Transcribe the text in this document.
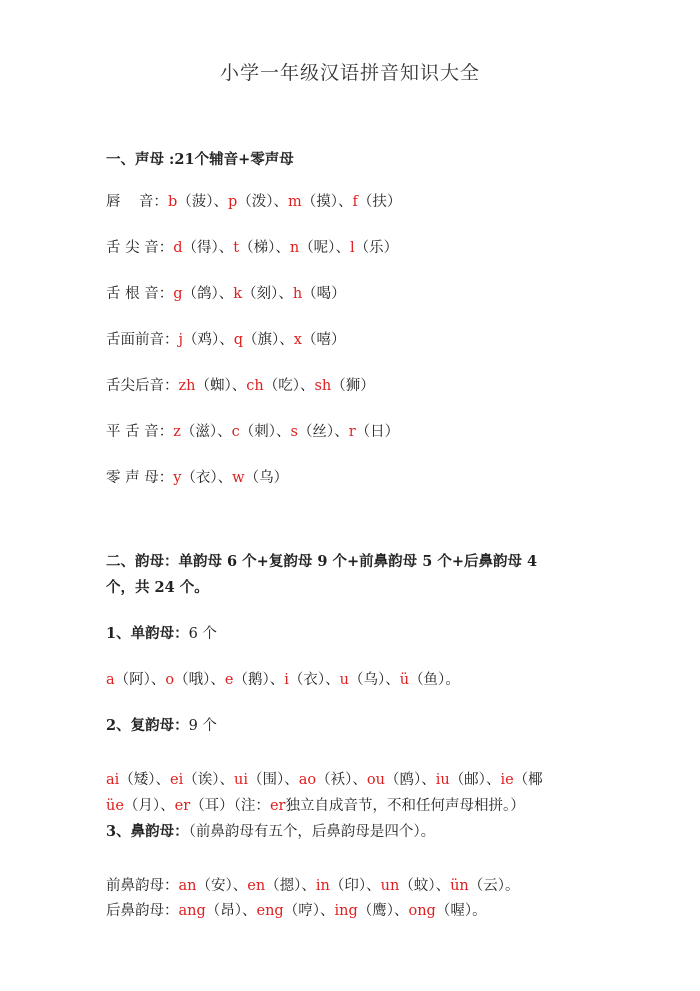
小学一年级汉语拼音知识大全
一、声母 :21个辅音+零声母
唇    音：b（菠）、p（泼）、m（摸）、f（扶）
舌 尖 音：d（得）、t（梯）、n（呢）、l（乐）
舌 根 音：g（鸽）、k（刻）、h（喝）
舌面前音：j（鸡）、q（旗）、x（嘻）
舌尖后音：zh（蜘）、ch（吃）、sh（狮）
平 舌 音：z（滋）、c（刺）、s（丝）、r（日）
零 声 母：y（衣）、w（乌）
二、韵母：单韵母 6 个+复韵母 9 个+前鼻韵母 5 个+后鼻韵母 4
个，共 24 个。
1、单韵母：6 个
a（阿）、o（哦）、e（鹅）、i（衣）、u（乌）、ü（鱼）。
2、复韵母：9 个
ai（矮）、ei（诶）、ui（围）、ao（袄）、ou（鸥）、iu（邮）、ie（椰
üe（月）、er（耳）（注：er独立自成音节，不和任何声母相拼。）
3、鼻韵母：（前鼻韵母有五个，后鼻韵母是四个）。
前鼻韵母：an（安）、en（摁）、in（印）、un（蚊）、ün（云）。
后鼻韵母：ang（昂）、eng（哼）、ing（鹰）、ong（喔）。
